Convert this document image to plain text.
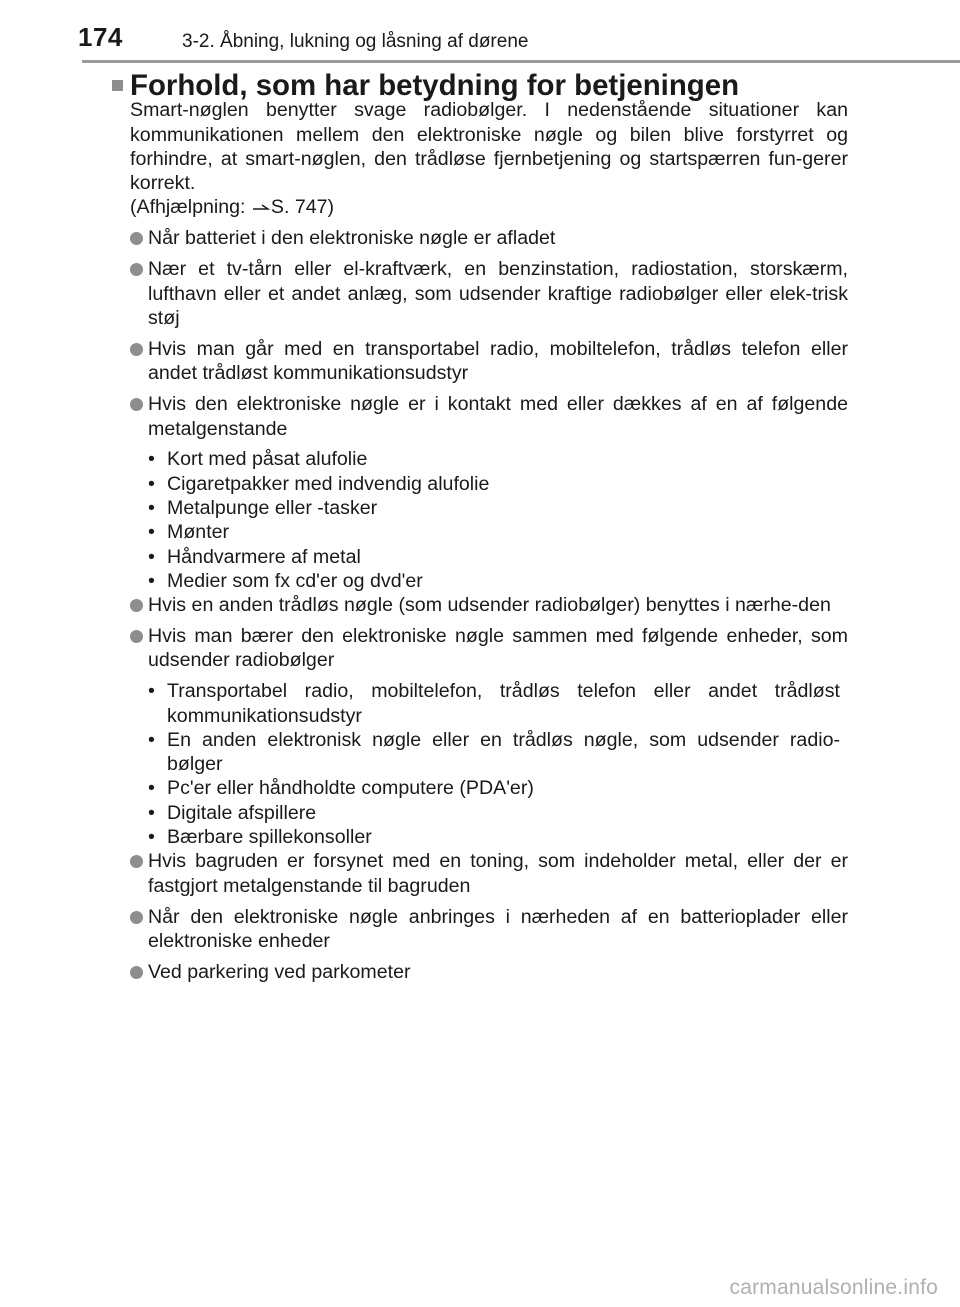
174	3-2. Åbning, lukning og låsning af dørene
Forhold, som har betydning for betjeningen

Smart-nøglen benytter svage radiobølger. I nedenstående situationer kan kommunikationen mellem den elektroniske nøgle og bilen blive forstyrret og forhindre, at smart-nøglen, den trådløse fjernbetjening og startspærren fun-gerer korrekt.

(Afhjælpning: S. 747)

Når batteriet i den elektroniske nøgle er afladet
Nær et tv-tårn eller el-kraftværk, en benzinstation, radiostation, storskærm, lufthavn eller et andet anlæg, som udsender kraftige radiobølger eller elek-trisk støj
Hvis man går med en transportabel radio, mobiltelefon, trådløs telefon eller andet trådløst kommunikationsudstyr
Hvis den elektroniske nøgle er i kontakt med eller dækkes af en af følgende metalgenstande
• Kort med påsat alufolie
• Cigaretpakker med indvendig alufolie
• Metalpunge eller -tasker
• Mønter
• Håndvarmere af metal
• Medier som fx cd'er og dvd'er
Hvis en anden trådløs nøgle (som udsender radiobølger) benyttes i nærhe-den
Hvis man bærer den elektroniske nøgle sammen med følgende enheder, som udsender radiobølger
• Transportabel radio, mobiltelefon, trådløs telefon eller andet trådløst kommunikationsudstyr
• En anden elektronisk nøgle eller en trådløs nøgle, som udsender radio-bølger
• Pc'er eller håndholdte computere (PDA'er)
• Digitale afspillere
• Bærbare spillekonsoller
Hvis bagruden er forsynet med en toning, som indeholder metal, eller der er fastgjort metalgenstande til bagruden
Når den elektroniske nøgle anbringes i nærheden af en batterioplader eller elektroniske enheder
Ved parkering ved parkometer
carmanualsonline.info
